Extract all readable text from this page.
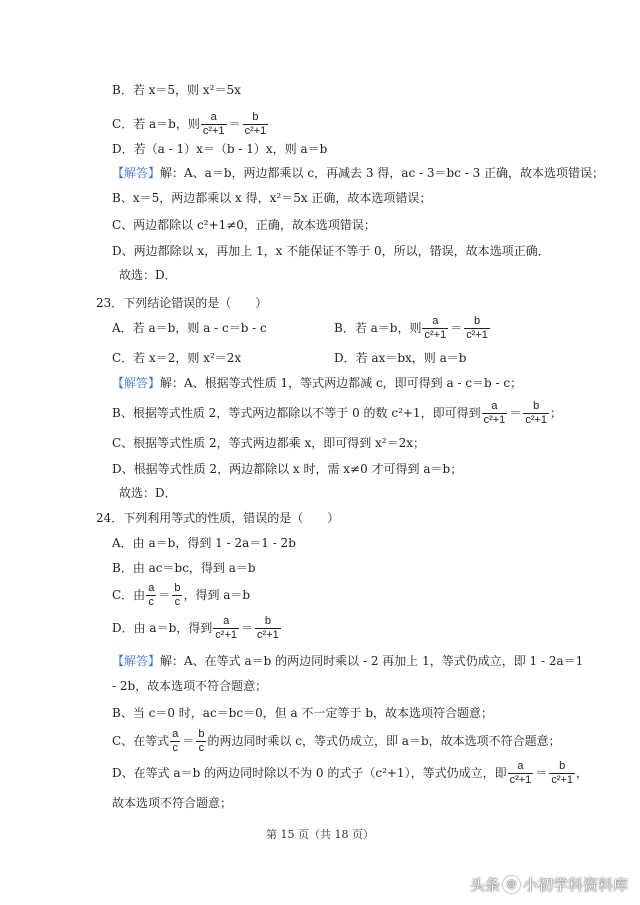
B． 若 x＝5，则 x²＝5x
C． 若 a＝b，则 $\frac{a}{\text{c²+1}} = \frac{b}{\text{c²+1}}$
D． 若（a - 1）x＝（b - 1）x，则 a＝b
【解答】 解：A、a＝b，两边都乘以 c，再减去 3 得，ac - 3＝bc - 3 正确，故本选项错误；
B、x＝5，两边都乘以 x 得，x²＝5x 正确，故本选项错误；
C、两边都除以 c²+1≠0，正确，故本选项错误；
D、两边都除以 x，再加上 1，x 不能保证不等于 0，所以，错误，故本选项正确．
故选：D．
23．下列结论错误的是（　　）
A．若 a＝b，则 a - c＝b - c	B．若 a＝b，则 $\frac{a}{\text{c²+1}} = \frac{b}{\text{c²+1}}$
C．若 x＝2，则 x²＝2x	D．若 ax＝bx，则 a＝b
【解答】 解：A、根据等式性质 1，等式两边都减 c，即可得到 a - c＝b - c；
B、根据等式性质 2，等式两边都除以不等于 0 的数 c²+1，即可得到 $\frac{a}{\text{c²+1}} = \frac{b}{\text{c²+1}}$ ；
C、根据等式性质 2，等式两边都乘 x，即可得到 x²＝2x；
D、根据等式性质 2，两边都除以 x 时，需 x≠0 才可得到 a＝b；
故选：D．
24．下列利用等式的性质，错误的是（　　）
A．由 a＝b，得到 1 - 2a＝1 - 2b
B．由 ac＝bc，得到 a＝b
C．由 $\frac{a}{c} = \frac{b}{c}$ ，得到 a＝b
D．由 a＝b，得到 $\frac{a}{\text{c²+1}} = \frac{b}{\text{c²+1}}$
【解答】 解：A、在等式 a＝b 的两边同时乘以 - 2 再加上 1，等式仍成立，即 1 - 2a＝1
- 2b，故本选项不符合题意；
B、当 c＝0 时，ac＝bc＝0，但 a 不一定等于 b，故本选项符合题意；
C、在等式 $\frac{a}{c} = \frac{b}{c}$ 的两边同时乘以 c，等式仍成立，即 a＝b，故本选项不符合题意；
D、在等式 a＝b 的两边同时除以不为 0 的式子（c²+1），等式仍成立，即 $\frac{a}{\text{c²+1}} = \frac{b}{\text{c²+1}}$ ，
故本选项不符合题意；
第 15 页（共 18 页）
头条 @ 小初学科资料库
